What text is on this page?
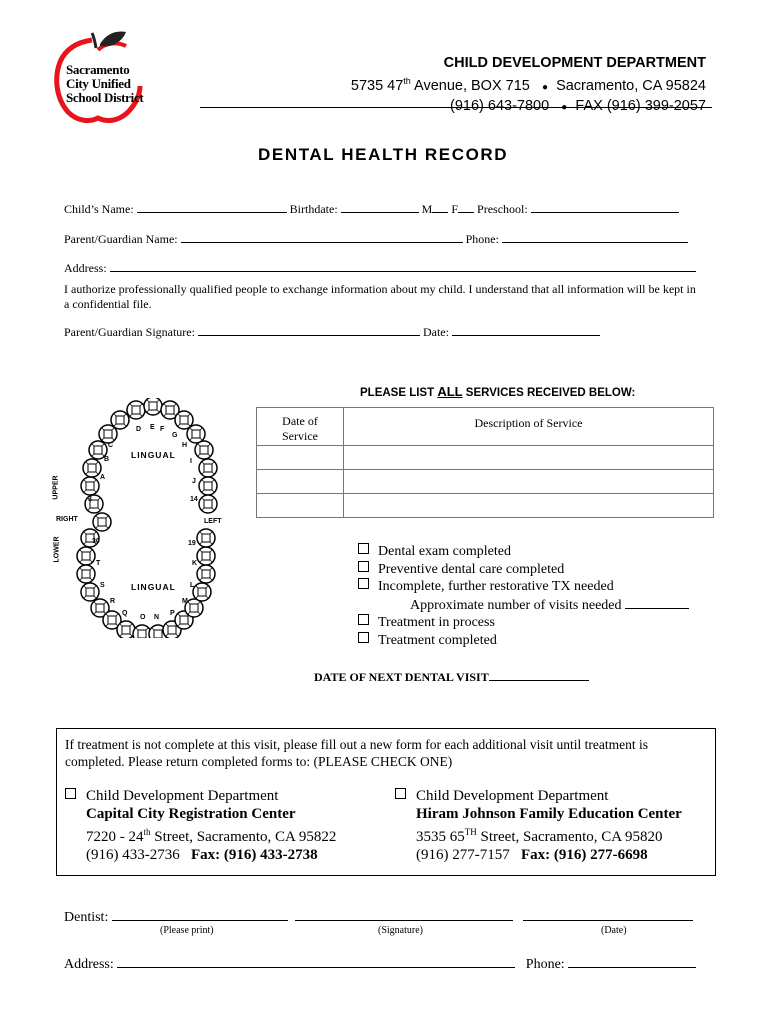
Sacramento
City Unified
School District
CHILD DEVELOPMENT DEPARTMENT
5735 47th Avenue, BOX 715 ● Sacramento, CA 95824
(916) 643-7800 ● FAX (916) 399-2057
DENTAL HEALTH RECORD
Child’s Name:	Birthdate:	M F Preschool:
Parent/Guardian Name:	Phone:
Address:
I authorize professionally qualified people to exchange information about my child. I understand that all information will be kept in a confidential file.
Parent/Guardian Signature:	Date:
PLEASE LIST ALL SERVICES RECEIVED BELOW:
Date of
Service	Description of Service

LINGUAL
LINGUAL
RIGHT	LEFT
UPPER
LOWER
3	14
30	19
C
D E F
G
H
B	I
A
J
T	K
S	L
R	M
Q	P
O N
Dental exam completed
Preventive dental care completed
Incomplete, further restorative TX needed
Approximate number of visits needed
Treatment in process
Treatment completed
DATE OF NEXT DENTAL VISIT
If treatment is not complete at this visit, please fill out a new form for each additional visit until treatment is completed. Please return completed forms to: (PLEASE CHECK ONE)
Child Development Department
Capital City Registration Center
7220 - 24th Street, Sacramento, CA 95822
(916) 433-2736 Fax: (916) 433-2738
Child Development Department
Hiram Johnson Family Education Center
3535 65TH Street, Sacramento, CA 95820
(916) 277-7157 Fax: (916) 277-6698
Dentist:
(Please print)	(Signature)	(Date)
Address:	Phone:
